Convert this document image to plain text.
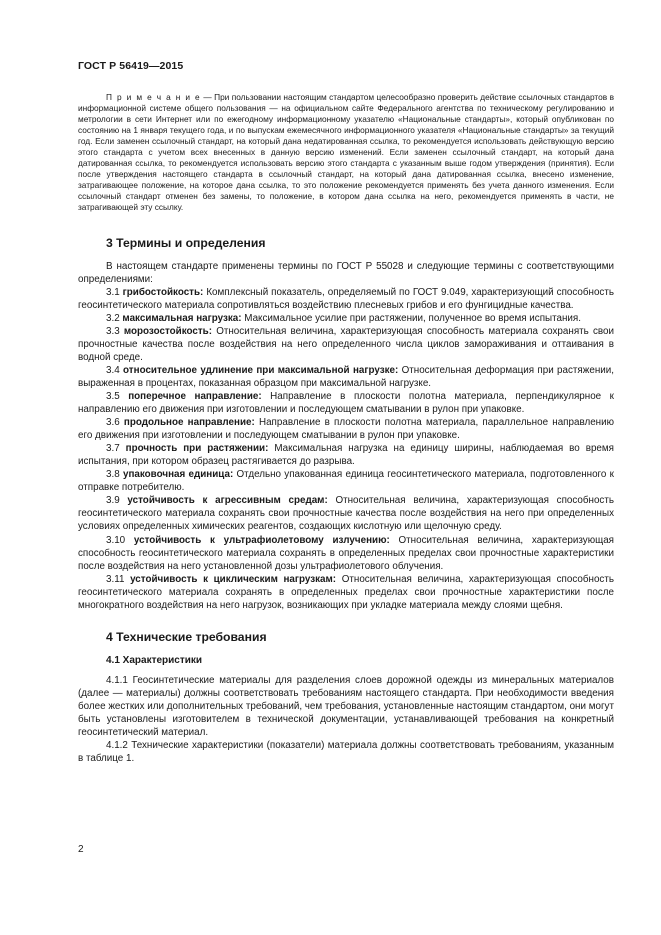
ГОСТ Р 56419—2015

П р и м е ч а н и е — При пользовании настоящим стандартом целесообразно проверить действие ссылочных стандартов в информационной системе общего пользования — на официальном сайте Федерального агентства по техническому регулированию и метрологии в сети Интернет или по ежегодному информационному указателю «Национальные стандарты», который опубликован по состоянию на 1 января текущего года, и по выпускам ежемесячного информационного указателя «Национальные стандарты» за текущий год. Если заменен ссылочный стандарт, на который дана недатированная ссылка, то рекомендуется использовать действующую версию этого стандарта с учетом всех внесенных в данную версию изменений. Если заменен ссылочный стандарт, на который дана датированная ссылка, то рекомендуется использовать версию этого стандарта с указанным выше годом утверждения (принятия). Если после утверждения настоящего стандарта в ссылочный стандарт, на который дана датированная ссылка, внесено изменение, затрагивающее положение, на которое дана ссылка, то это положение рекомендуется применять без учета данного изменения. Если ссылочный стандарт отменен без замены, то положение, в котором дана ссылка на него, рекомендуется применять в части, не затрагивающей эту ссылку.

3 Термины и определения

В настоящем стандарте применены термины по ГОСТ Р 55028 и следующие термины с соответствующими определениями:

3.1 грибостойкость: Комплексный показатель, определяемый по ГОСТ 9.049, характеризующий способность геосинтетического материала сопротивляться воздействию плесневых грибов и его фунгицидные качества.

3.2 максимальная нагрузка: Максимальное усилие при растяжении, полученное во время испытания.

3.3 морозостойкость: Относительная величина, характеризующая способность материала сохранять свои прочностные качества после воздействия на него определенного числа циклов замораживания и оттаивания в водной среде.

3.4 относительное удлинение при максимальной нагрузке: Относительная деформация при растяжении, выраженная в процентах, показанная образцом при максимальной нагрузке.

3.5 поперечное направление: Направление в плоскости полотна материала, перпендикулярное к направлению его движения при изготовлении и последующем сматывании в рулон при упаковке.

3.6 продольное направление: Направление в плоскости полотна материала, параллельное направлению его движения при изготовлении и последующем сматывании в рулон при упаковке.

3.7 прочность при растяжении: Максимальная нагрузка на единицу ширины, наблюдаемая во время испытания, при котором образец растягивается до разрыва.

3.8 упаковочная единица: Отдельно упакованная единица геосинтетического материала, подготовленного к отправке потребителю.

3.9 устойчивость к агрессивным средам: Относительная величина, характеризующая способность геосинтетического материала сохранять свои прочностные качества после воздействия на него при определенных условиях определенных химических реагентов, создающих кислотную или щелочную среду.

3.10 устойчивость к ультрафиолетовому излучению: Относительная величина, характеризующая способность геосинтетического материала сохранять в определенных пределах свои прочностные характеристики после воздействия на него установленной дозы ультрафиолетового облучения.

3.11 устойчивость к циклическим нагрузкам: Относительная величина, характеризующая способность геосинтетического материала сохранять в определенных пределах свои прочностные характеристики после многократного воздействия на него нагрузок, возникающих при укладке материала между слоями щебня.

4 Технические требования
4.1 Характеристики

4.1.1 Геосинтетические материалы для разделения слоев дорожной одежды из минеральных материалов (далее — материалы) должны соответствовать требованиям настоящего стандарта. При необходимости введения более жестких или дополнительных требований, чем требования, установленные настоящим стандартом, они могут быть установлены изготовителем в технической документации, устанавливающей требования на конкретный геосинтетический материал.

4.1.2 Технические характеристики (показатели) материала должны соответствовать требованиям, указанным в таблице 1.

2
